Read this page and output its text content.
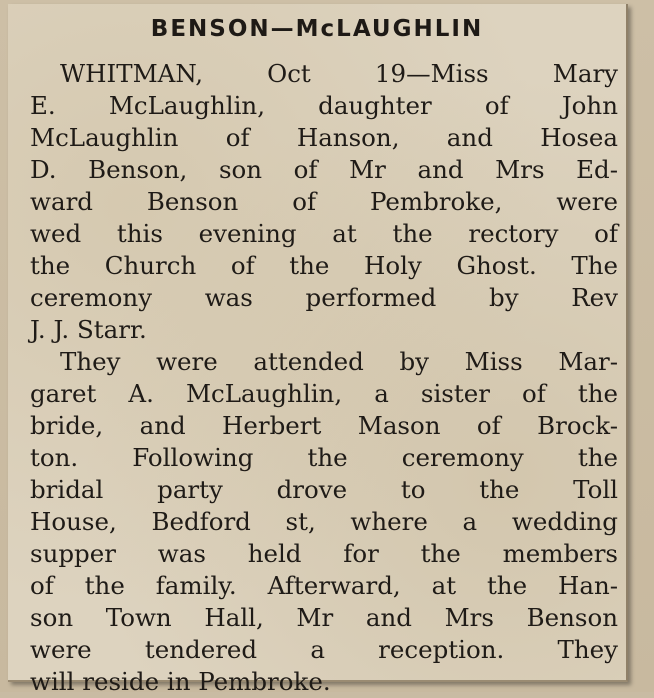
BENSON—McLAUGHLIN
WHITMAN, Oct 19—Miss Mary
E. McLaughlin, daughter of John
McLaughlin of Hanson, and Hosea
D. Benson, son of Mr and Mrs Ed-
ward Benson of Pembroke, were
wed this evening at the rectory of
the Church of the Holy Ghost. The
ceremony was performed by Rev
J. J. Starr.
They were attended by Miss Mar-
garet A. McLaughlin, a sister of the
bride, and Herbert Mason of Brock-
ton. Following the ceremony the
bridal party drove to the Toll
House, Bedford st, where a wedding
supper was held for the members
of the family. Afterward, at the Han-
son Town Hall, Mr and Mrs Benson
were tendered a reception. They
will reside in Pembroke.
